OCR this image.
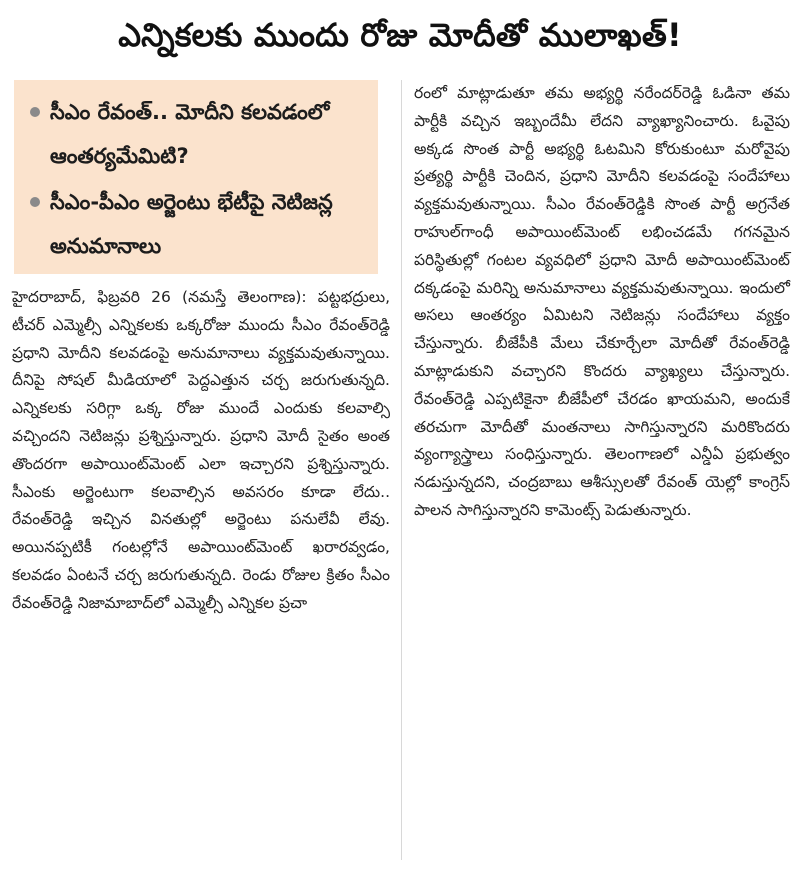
ఎన్నికలకు ముందు రోజు మోదీతో ములాఖత్!
సీఎం రేవంత్.. మోదీని కలవడంలో ఆంతర్యమేమిటి?
సీఎం-పీఎం అర్జెంటు భేటీపై నెటిజన్ల అనుమానాలు
హైదరాబాద్, ఫిబ్రవరి 26 (నమస్తే తెలంగాణ): పట్టభద్రులు, టీచర్ ఎమ్మెల్సీ ఎన్నికలకు ఒక్కరోజు ముందు సీఎం రేవంత్‌రెడ్డి ప్రధాని మోదీని కలవడంపై అనుమానాలు వ్యక్తమవుతున్నాయి. దీనిపై సోషల్ మీడియాలో పెద్దఎత్తున చర్చ జరుగుతున్నది. ఎన్నికలకు సరిగ్గా ఒక్క రోజు ముందే ఎందుకు కలవాల్సి వచ్చిందని నెటిజన్లు ప్రశ్నిస్తున్నారు. ప్రధాని మోదీ సైతం అంత తొందరగా అపాయింట్‌మెంట్ ఎలా ఇచ్చారని ప్రశ్నిస్తున్నారు. సీఎంకు అర్జెంటుగా కలవాల్సిన అవసరం కూడా లేదు.. రేవంత్‌రెడ్డి ఇచ్చిన వినతుల్లో అర్జెంటు పనులేవీ లేవు. అయినప్పటికీ గంటల్లోనే అపాయింట్‌మెంట్ ఖరారవ్వడం, కలవడం ఏంటనే చర్చ జరుగుతున్నది. రెండు రోజుల క్రితం సీఎం రేవంత్‌రెడ్డి నిజామాబాద్‌లో ఎమ్మెల్సీ ఎన్నికల ప్రచా
రంలో మాట్లాడుతూ తమ అభ్యర్థి నరేందర్‌రెడ్డి ఓడినా తమ పార్టీకి వచ్చిన ఇబ్బందేమీ లేదని వ్యాఖ్యానించారు. ఓవైపు అక్కడ సొంత పార్టీ అభ్యర్థి ఓటమిని కోరుకుంటూ మరోవైపు ప్రత్యర్థి పార్టీకి చెందిన, ప్రధాని మోదీని కలవడంపై సందేహాలు వ్యక్తమవుతున్నాయి. సీఎం రేవంత్‌రెడ్డికి సొంత పార్టీ అగ్రనేత రాహుల్‌గాంధీ అపాయింట్‌మెంట్ లభించడమే గగనమైన పరిస్థితుల్లో గంటల వ్యవధిలో ప్రధాని మోదీ అపాయింట్‌మెంట్ దక్కడంపై మరిన్ని అనుమానాలు వ్యక్తమవుతున్నాయి. ఇందులో అసలు ఆంతర్యం ఏమిటని నెటిజన్లు సందేహాలు వ్యక్తం చేస్తున్నారు. బీజేపీకి మేలు చేకూర్చేలా మోదీతో రేవంత్‌రెడ్డి మాట్లాడుకుని వచ్చారని కొందరు వ్యాఖ్యలు చేస్తున్నారు. రేవంత్‌రెడ్డి ఎప్పటికైనా బీజేపీలో చేరడం ఖాయమని, అందుకే తరచుగా మోదీతో మంతనాలు సాగిస్తున్నారని మరికొందరు వ్యంగ్యాస్త్రాలు సంధిస్తున్నారు. తెలంగాణలో ఎన్డీఏ ప్రభుత్వం నడుస్తున్నదని, చంద్రబాబు ఆశీస్సులతో రేవంత్ యెల్లో కాంగ్రెస్ పాలన సాగిస్తున్నారని కామెంట్స్ పెడుతున్నారు.
